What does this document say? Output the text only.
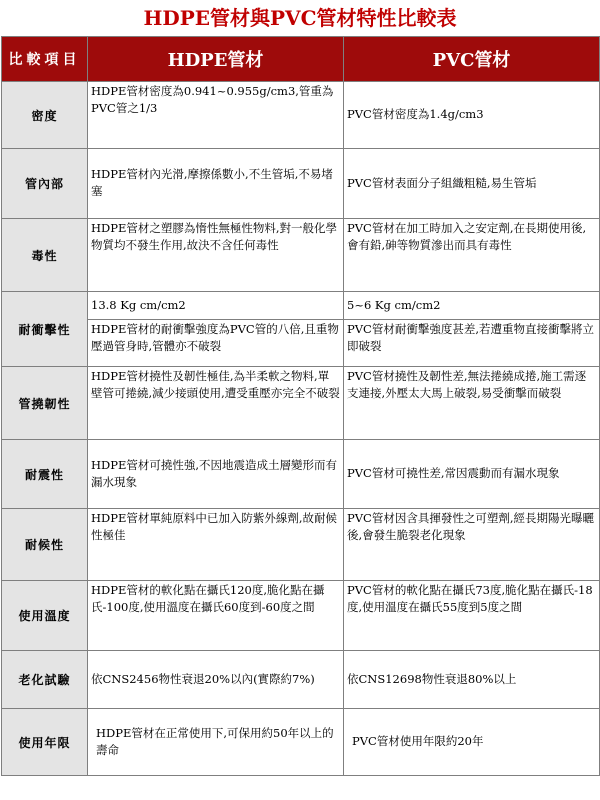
HDPE管材與PVC管材特性比較表
比較項目	HDPE管材	PVC管材
密度	HDPE管材密度為0.941~0.955g/cm3,管重為PVC管之1/3	PVC管材密度為1.4g/cm3
管內部	HDPE管材內光滑,摩擦係數小,不生管垢,不易堵塞	PVC管材表面分子組織粗糙,易生管垢
毒性	HDPE管材之塑膠為惰性無極性物料,對一般化學物質均不發生作用,故決不含任何毒性	PVC管材在加工時加入之安定劑,在長期使用後,會有鉛,砷等物質滲出而具有毒性
耐衝擊性	13.8 Kg cm/cm2	5~6 Kg cm/cm2
	HDPE管材的耐衝擊強度為PVC管的八倍,且重物壓過管身時,管體亦不破裂	PVC管材耐衝擊強度甚差,若遭重物直接衝擊將立即破裂
管撓韌性	HDPE管材撓性及韌性極佳,為半柔軟之物料,單壁管可捲繞,減少接頭使用,遭受重壓亦完全不破裂	PVC管材撓性及韌性差,無法捲繞成捲,施工需逐支連接,外壓太大馬上破裂,易受衝擊而破裂
耐震性	HDPE管材可撓性強,不因地震造成土層變形而有漏水現象	PVC管材可撓性差,常因震動而有漏水現象
耐候性	HDPE管材單純原料中已加入防紫外線劑,故耐候性極佳	PVC管材因含具揮發性之可塑劑,經長期陽光曝曬後,會發生脆裂老化現象
使用溫度	HDPE管材的軟化點在攝氏120度,脆化點在攝氏-100度,使用溫度在攝氏60度到-60度之間	PVC管材的軟化點在攝氏73度,脆化點在攝氏-18度,使用溫度在攝氏55度到5度之間
老化試驗	依CNS2456物性衰退20%以內(實際約7%)	依CNS12698物性衰退80%以上
使用年限	HDPE管材在正常使用下,可保用約50年以上的壽命	PVC管材使用年限約20年
